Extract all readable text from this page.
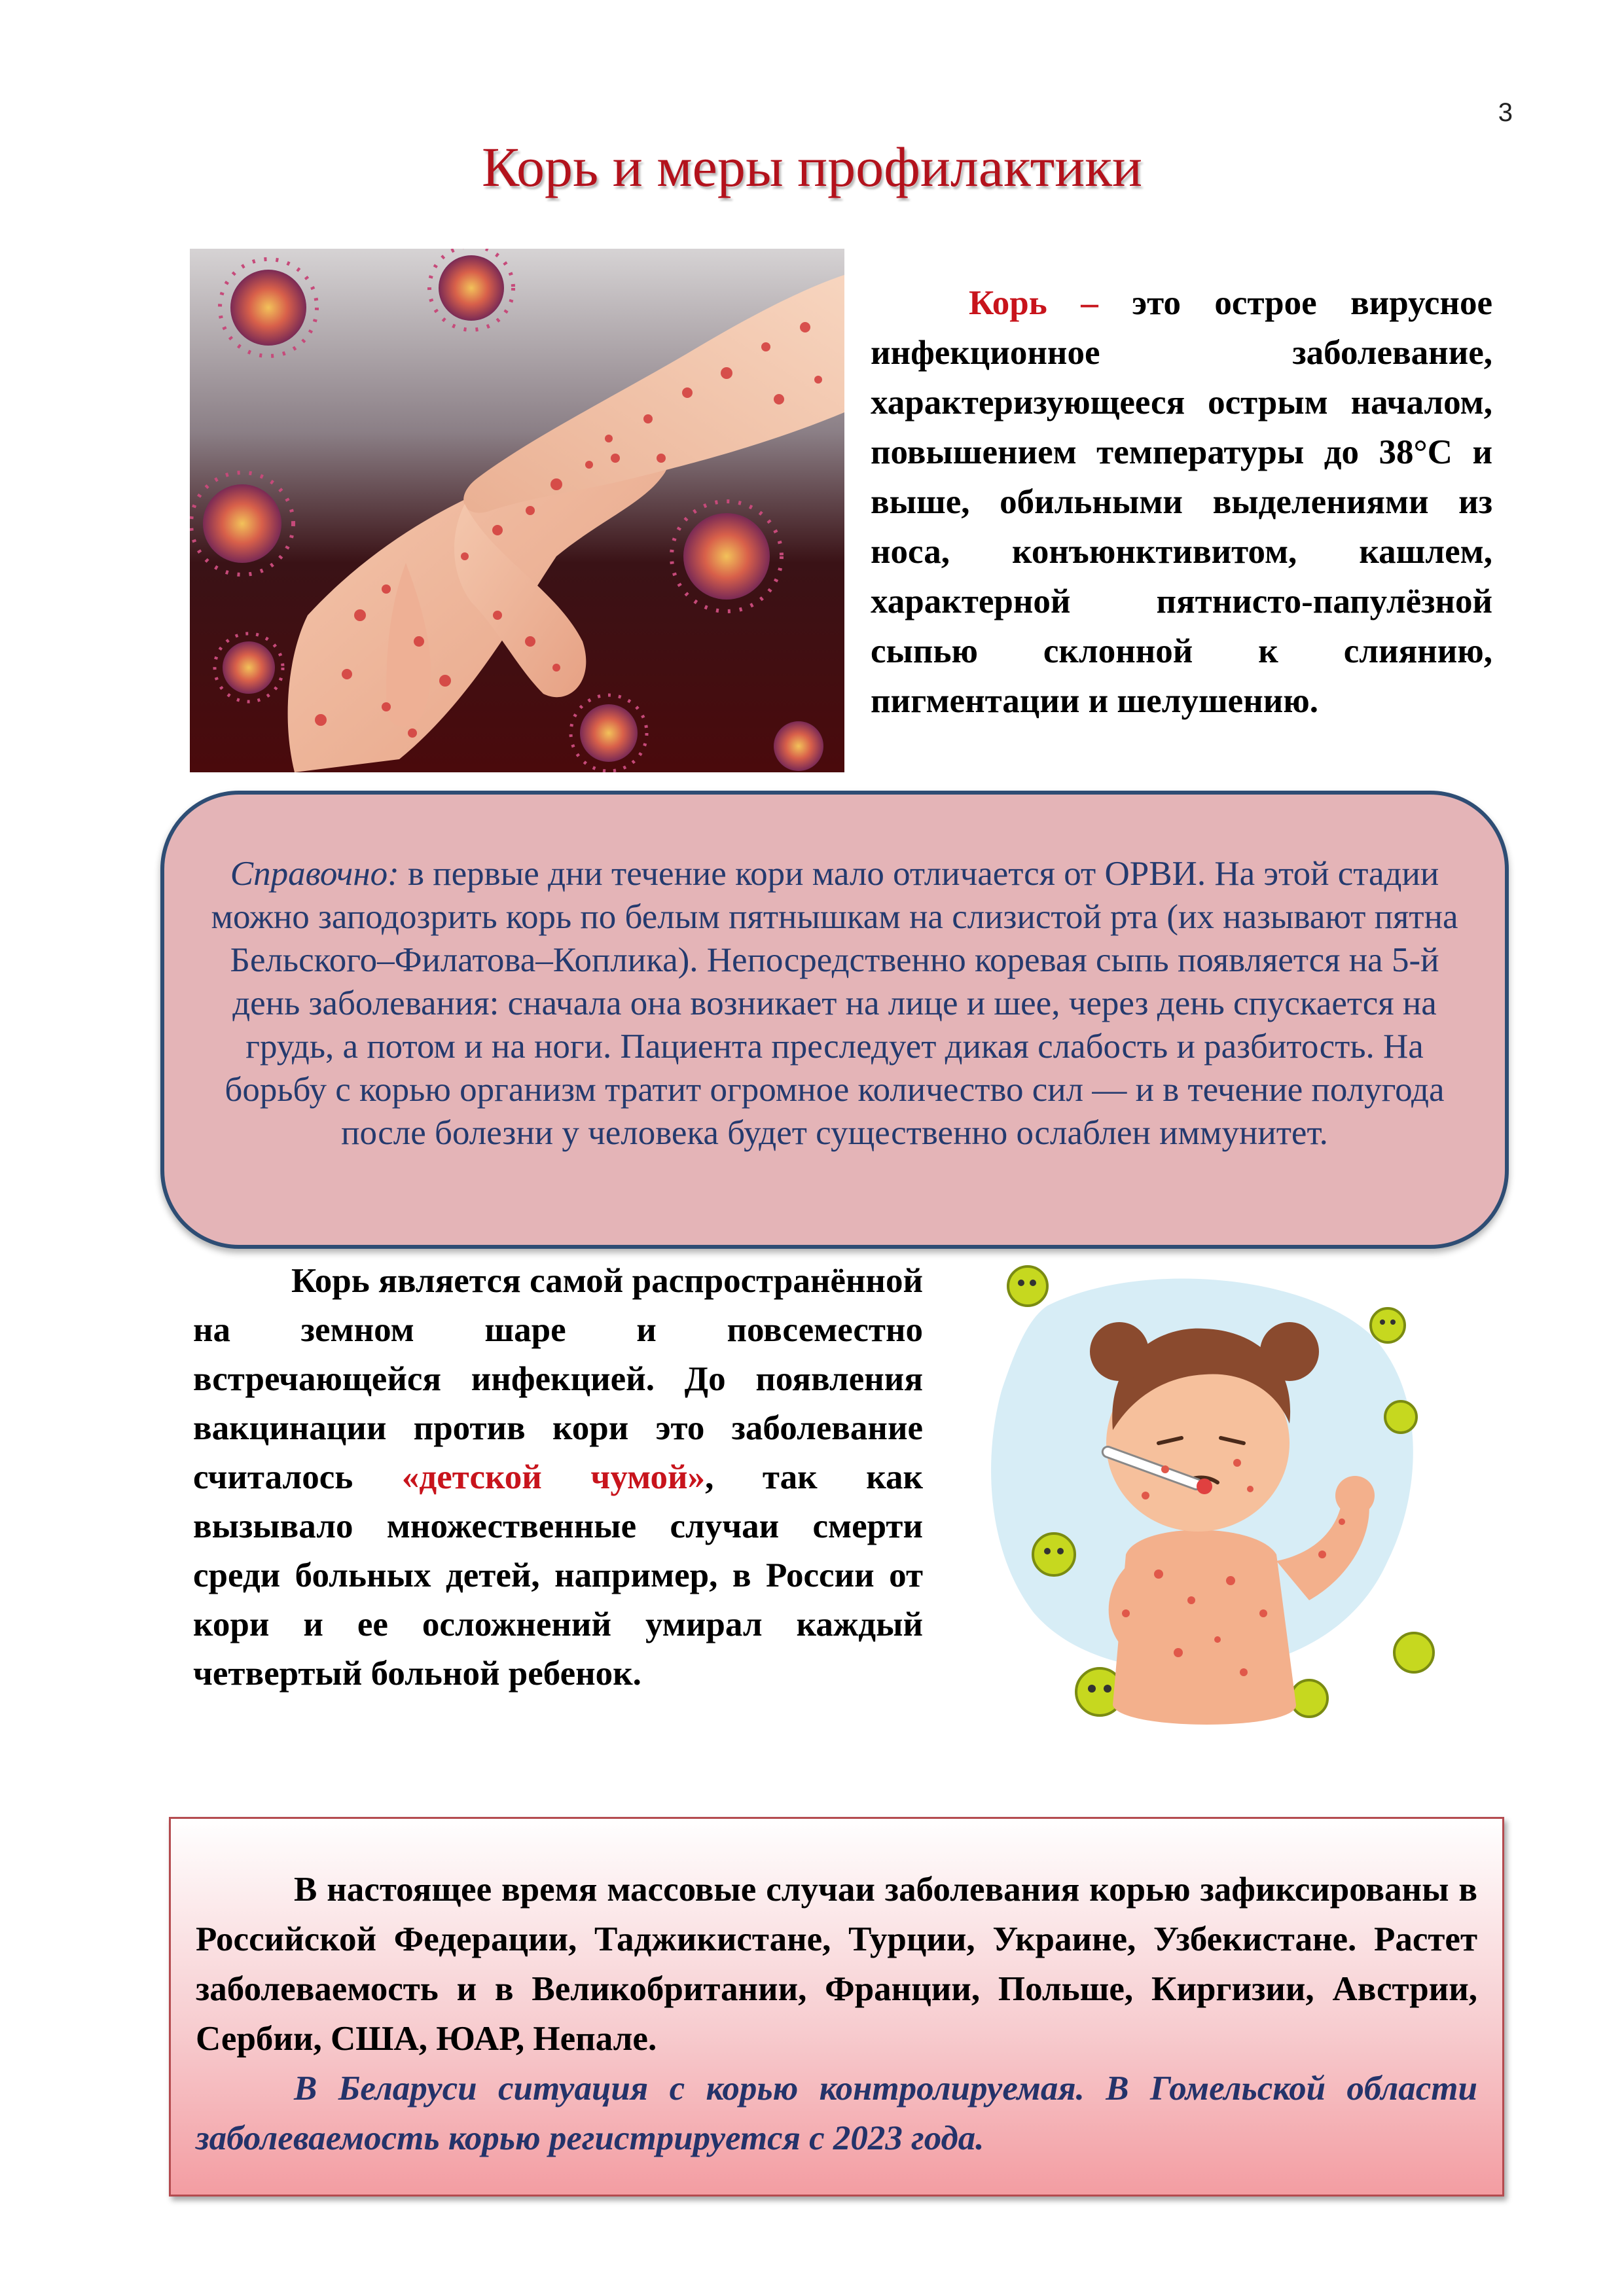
3
Корь и меры профилактики

Корь – это острое вирусное инфекционное заболевание, характеризующееся острым началом, повышением температуры до 38°С и выше, обильными выделениями из носа, конъюнктивитом, кашлем, характерной пятнисто-папулёзной сыпью склонной к слиянию, пигментации и шелушению.

Справочно: в первые дни течение кори мало отличается от ОРВИ. На этой стадии можно заподозрить корь по белым пятнышкам на слизистой рта (их называют пятна Бельского–Филатова–Коплика). Непосредственно коревая сыпь появляется на 5-й день заболевания: сначала она возникает на лице и шее, через день спускается на грудь, а потом и на ноги. Пациента преследует дикая слабость и разбитость. На борьбу с корью организм тратит огромное количество сил — и в течение полугода после болезни у человека будет существенно ослаблен иммунитет.

Корь является самой распространённой на земном шаре и повсеместно встречающейся инфекцией. До появления вакцинации против кори это заболевание считалось «детской чумой», так как вызывало множественные случаи смерти среди больных детей, например, в России от кори и ее осложнений умирал каждый четвертый больной ребенок.

В настоящее время массовые случаи заболевания корью зафиксированы в Российской Федерации, Таджикистане, Турции, Украине, Узбекистане. Растет заболеваемость и в Великобритании, Франции, Польше, Киргизии, Австрии, Сербии, США, ЮАР, Непале.

В Беларуси ситуация с корью контролируемая. В Гомельской области заболеваемость корью регистрируется с 2023 года.
